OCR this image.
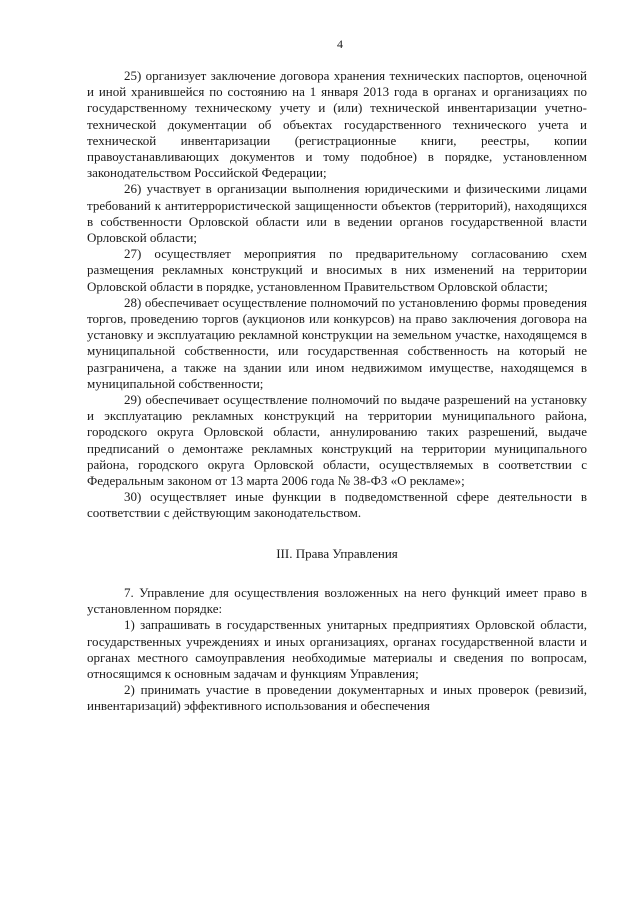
4

25) организует заключение договора хранения технических паспортов, оценочной и иной хранившейся по состоянию на 1 января 2013 года в органах и организациях по государственному техническому учету и (или) технической инвентаризации учетно-технической документации об объектах государственного технического учета и технической инвентаризации (регистрационные книги, реестры, копии правоустанавливающих документов и тому подобное) в порядке, установленном законодательством Российской Федерации;

26) участвует в организации выполнения юридическими и физическими лицами требований к антитеррористической защищенности объектов (территорий), находящихся в собственности Орловской области или в ведении органов государственной власти Орловской области;

27) осуществляет мероприятия по предварительному согласованию схем размещения рекламных конструкций и вносимых в них изменений на территории Орловской области в порядке, установленном Правительством Орловской области;

28) обеспечивает осуществление полномочий по установлению формы проведения торгов, проведению торгов (аукционов или конкурсов) на право заключения договора на установку и эксплуатацию рекламной конструкции на земельном участке, находящемся в муниципальной собственности, или государственная собственность на который не разграничена, а также на здании или ином недвижимом имуществе, находящемся в муниципальной собственности;

29) обеспечивает осуществление полномочий по выдаче разрешений на установку и эксплуатацию рекламных конструкций на территории муниципального района, городского округа Орловской области, аннулированию таких разрешений, выдаче предписаний о демонтаже рекламных конструкций на территории муниципального района, городского округа Орловской области, осуществляемых в соответствии с Федеральным законом от 13 марта 2006 года № 38-ФЗ «О рекламе»;

30) осуществляет иные функции в подведомственной сфере деятельности в соответствии с действующим законодательством.

III. Права Управления

7. Управление для осуществления возложенных на него функций имеет право в установленном порядке:

1) запрашивать в государственных унитарных предприятиях Орловской области, государственных учреждениях и иных организациях, органах государственной власти и органах местного самоуправления необходимые материалы и сведения по вопросам, относящимся к основным задачам и функциям Управления;

2) принимать участие в проведении документарных и иных проверок (ревизий, инвентаризаций) эффективного использования и обеспечения
